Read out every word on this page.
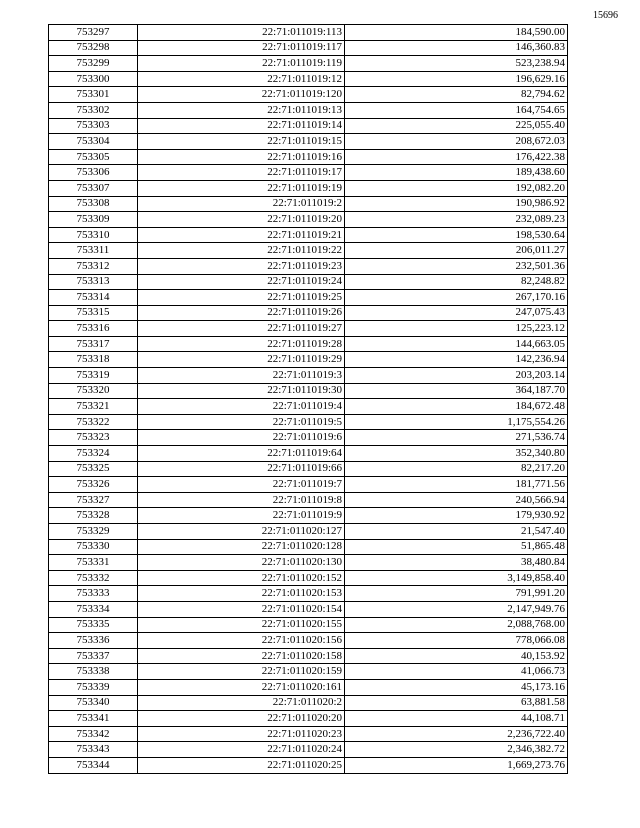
15696
753297	22:71:011019:113	184,590.00
753298	22:71:011019:117	146,360.83
753299	22:71:011019:119	523,238.94
753300	22:71:011019:12	196,629.16
753301	22:71:011019:120	82,794.62
753302	22:71:011019:13	164,754.65
753303	22:71:011019:14	225,055.40
753304	22:71:011019:15	208,672.03
753305	22:71:011019:16	176,422.38
753306	22:71:011019:17	189,438.60
753307	22:71:011019:19	192,082.20
753308	22:71:011019:2	190,986.92
753309	22:71:011019:20	232,089.23
753310	22:71:011019:21	198,530.64
753311	22:71:011019:22	206,011.27
753312	22:71:011019:23	232,501.36
753313	22:71:011019:24	82,248.82
753314	22:71:011019:25	267,170.16
753315	22:71:011019:26	247,075.43
753316	22:71:011019:27	125,223.12
753317	22:71:011019:28	144,663.05
753318	22:71:011019:29	142,236.94
753319	22:71:011019:3	203,203.14
753320	22:71:011019:30	364,187.70
753321	22:71:011019:4	184,672.48
753322	22:71:011019:5	1,175,554.26
753323	22:71:011019:6	271,536.74
753324	22:71:011019:64	352,340.80
753325	22:71:011019:66	82,217.20
753326	22:71:011019:7	181,771.56
753327	22:71:011019:8	240,566.94
753328	22:71:011019:9	179,930.92
753329	22:71:011020:127	21,547.40
753330	22:71:011020:128	51,865.48
753331	22:71:011020:130	38,480.84
753332	22:71:011020:152	3,149,858.40
753333	22:71:011020:153	791,991.20
753334	22:71:011020:154	2,147,949.76
753335	22:71:011020:155	2,088,768.00
753336	22:71:011020:156	778,066.08
753337	22:71:011020:158	40,153.92
753338	22:71:011020:159	41,066.73
753339	22:71:011020:161	45,173.16
753340	22:71:011020:2	63,881.58
753341	22:71:011020:20	44,108.71
753342	22:71:011020:23	2,236,722.40
753343	22:71:011020:24	2,346,382.72
753344	22:71:011020:25	1,669,273.76
